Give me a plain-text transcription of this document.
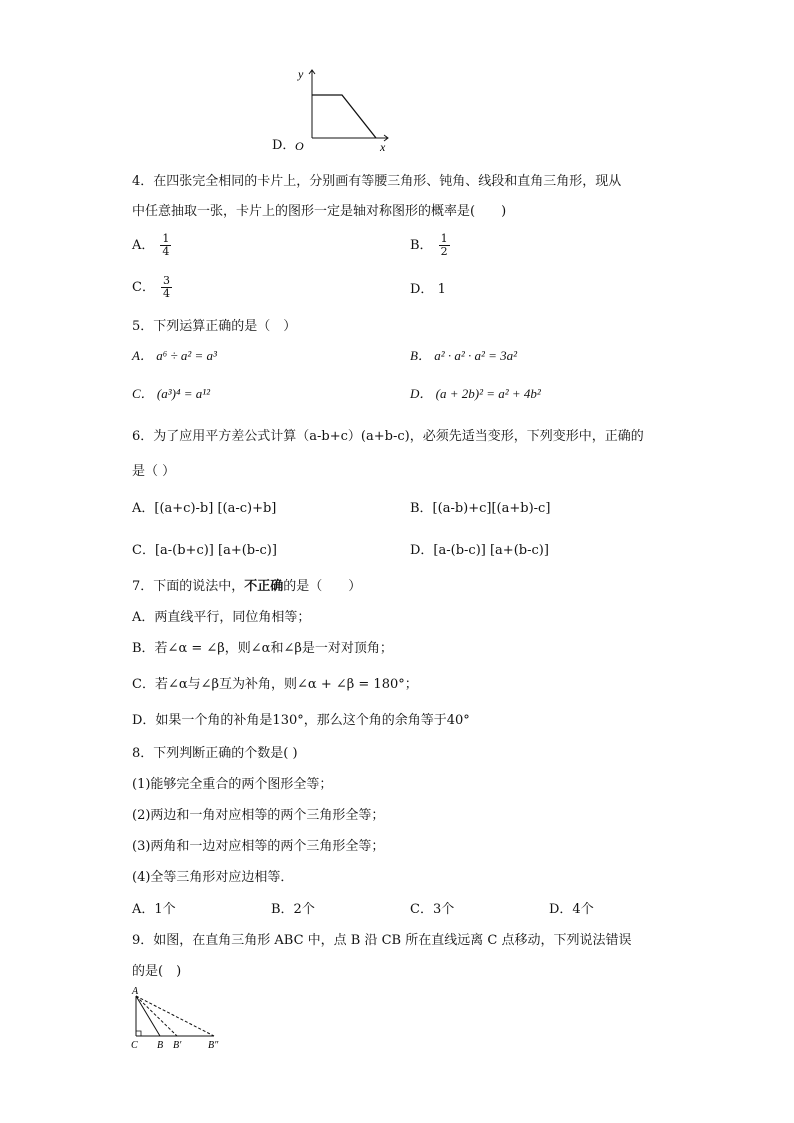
D．
y
O	x
4．在四张完全相同的卡片上，分别画有等腰三角形、钝角、线段和直角三角形，现从
中任意抽取一张，卡片上的图形一定是轴对称图形的概率是(　　)
A． $\frac{1}{4}$	B． $\frac{1}{2}$
C． $\frac{3}{4}$	D． 1
5．下列运算正确的是（　）
A． a⁶ ÷ a² = a³	B． a² · a² · a² = 3a²
C． (a³)⁴ = a¹²	D． (a + 2b)² = a² + 4b²
6．为了应用平方差公式计算（a-b+c）(a+b-c)，必须先适当变形，下列变形中，正确的
是（ ）
A．[(a+c)-b] [(a-c)+b]	B．[(a-b)+c][(a+b)-c]
C．[a-(b+c)] [a+(b-c)]	D．[a-(b-c)] [a+(b-c)]
7．下面的说法中，不正确的是（　　）
A．两直线平行，同位角相等；
B．若∠α = ∠β，则∠α和∠β是一对对顶角；
C．若∠α与∠β互为补角，则∠α + ∠β = 180°；
D．如果一个角的补角是130°，那么这个角的余角等于40°
8．下列判断正确的个数是( )
(1)能够完全重合的两个图形全等；
(2)两边和一角对应相等的两个三角形全等；
(3)两角和一边对应相等的两个三角形全等；
(4)全等三角形对应边相等．
A．1个	B．2个	C．3个	D．4个
9．如图，在直角三角形 ABC 中，点 B 沿 CB 所在直线远离 C 点移动，下列说法错误
的是(　)
A
C B B′	B″
